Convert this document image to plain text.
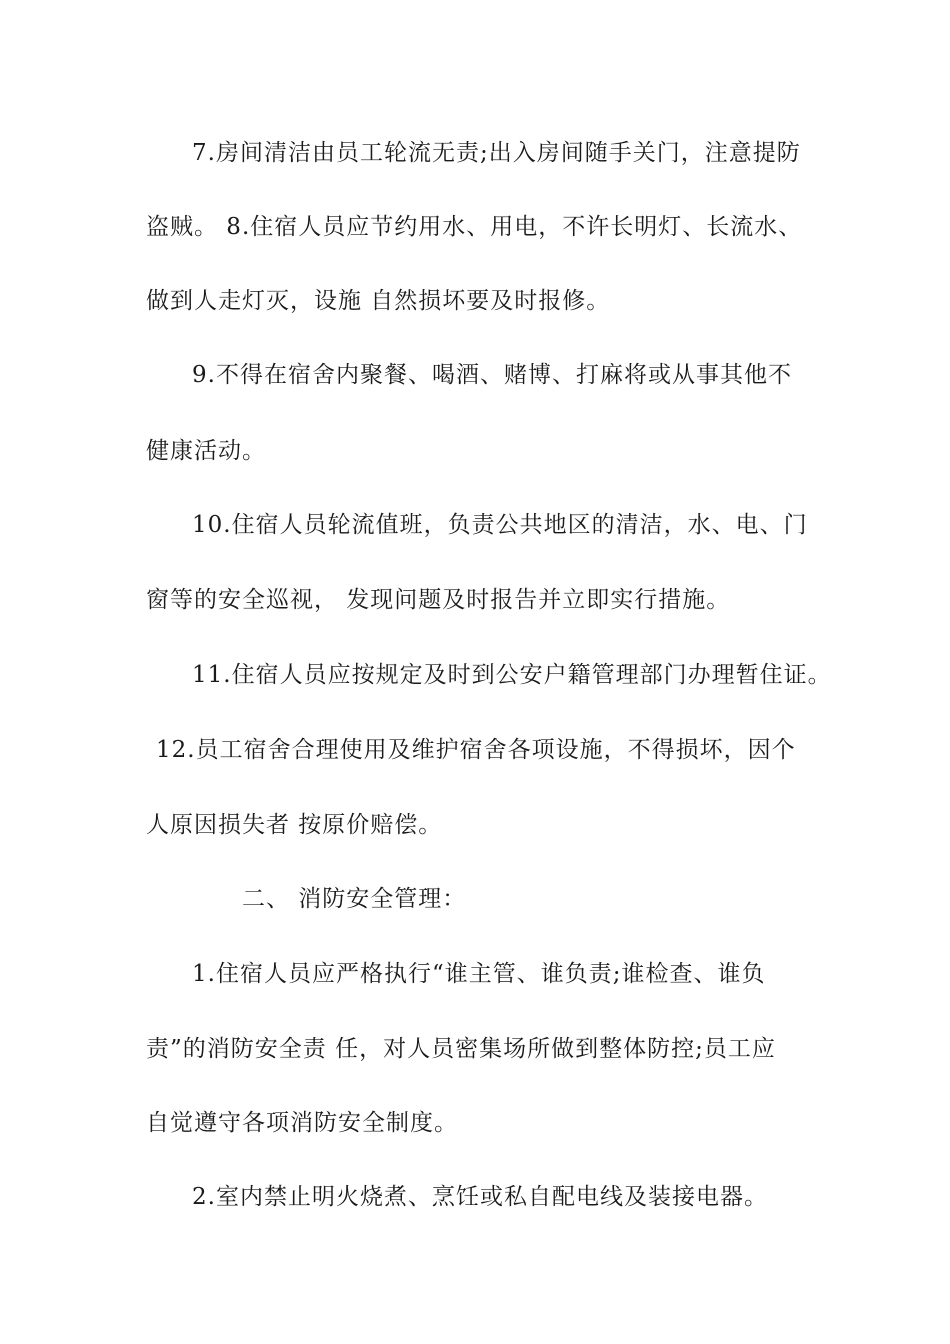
7.房间清洁由员工轮流无责;出入房间随手关门，注意提防
盗贼。 8.住宿人员应节约用水、用电，不许长明灯、长流水、
做到人走灯灭，设施 自然损坏要及时报修。
9.不得在宿舍内聚餐、喝酒、赌博、打麻将或从事其他不
健康活动。
10.住宿人员轮流值班，负责公共地区的清洁，水、电、门
窗等的安全巡视， 发现问题及时报告并立即实行措施。
11.住宿人员应按规定及时到公安户籍管理部门办理暂住证。
12.员工宿舍合理使用及维护宿舍各项设施，不得损坏，因个
人原因损失者 按原价赔偿。
二、 消防安全管理：
1.住宿人员应严格执行“谁主管、谁负责;谁检查、谁负
责”的消防安全责 任，对人员密集场所做到整体防控;员工应
自觉遵守各项消防安全制度。
2.室内禁止明火烧煮、烹饪或私自配电线及装接电器。
